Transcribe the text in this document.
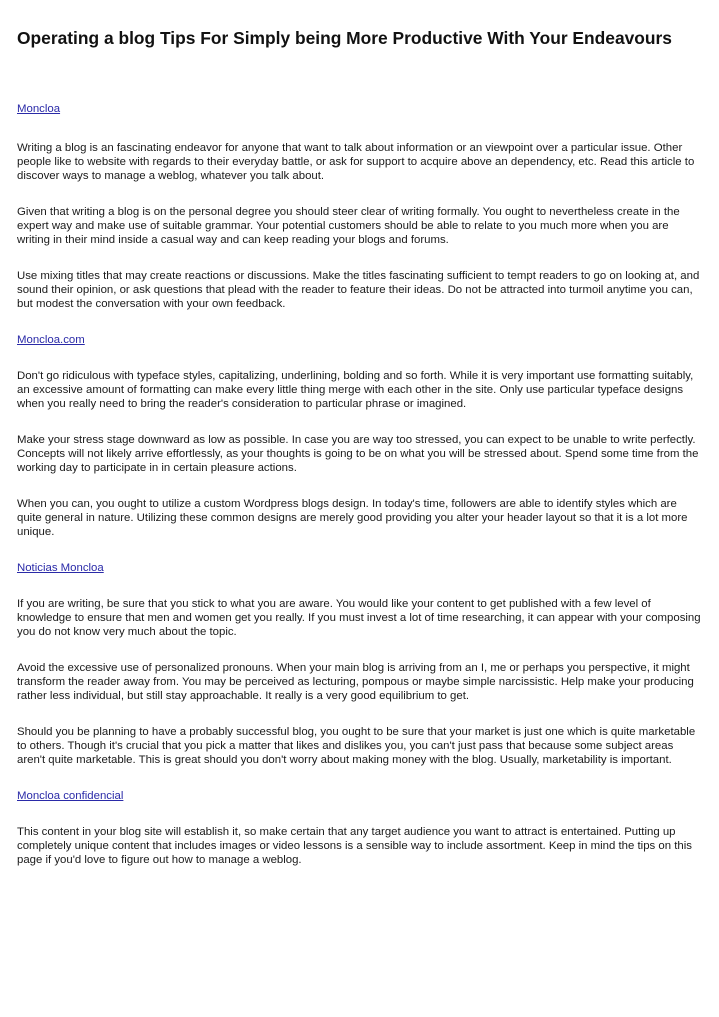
Operating a blog Tips For Simply being More Productive With Your Endeavours
Moncloa

Writing a blog is an fascinating endeavor for anyone that want to talk about information or an viewpoint over a particular issue. Other people like to website with regards to their everyday battle, or ask for support to acquire above an dependency, etc. Read this article to discover ways to manage a weblog, whatever you talk about.

Given that writing a blog is on the personal degree you should steer clear of writing formally. You ought to nevertheless create in the expert way and make use of suitable grammar. Your potential customers should be able to relate to you much more when you are writing in their mind inside a casual way and can keep reading your blogs and forums.

Use mixing titles that may create reactions or discussions. Make the titles fascinating sufficient to tempt readers to go on looking at, and sound their opinion, or ask questions that plead with the reader to feature their ideas. Do not be attracted into turmoil anytime you can, but modest the conversation with your own feedback.

Moncloa.com

Don't go ridiculous with typeface styles, capitalizing, underlining, bolding and so forth. While it is very important use formatting suitably, an excessive amount of formatting can make every little thing merge with each other in the site. Only use particular typeface designs when you really need to bring the reader's consideration to particular phrase or imagined.

Make your stress stage downward as low as possible. In case you are way too stressed, you can expect to be unable to write perfectly. Concepts will not likely arrive effortlessly, as your thoughts is going to be on what you will be stressed about. Spend some time from the working day to participate in in certain pleasure actions.

When you can, you ought to utilize a custom Wordpress blogs design. In today's time, followers are able to identify styles which are quite general in nature. Utilizing these common designs are merely good providing you alter your header layout so that it is a lot more unique.

Noticias Moncloa

If you are writing, be sure that you stick to what you are aware. You would like your content to get published with a few level of knowledge to ensure that men and women get you really. If you must invest a lot of time researching, it can appear with your composing you do not know very much about the topic.

Avoid the excessive use of personalized pronouns. When your main blog is arriving from an I, me or perhaps you perspective, it might transform the reader away from. You may be perceived as lecturing, pompous or maybe simple narcissistic. Help make your producing rather less individual, but still stay approachable. It really is a very good equilibrium to get.

Should you be planning to have a probably successful blog, you ought to be sure that your market is just one which is quite marketable to others. Though it's crucial that you pick a matter that likes and dislikes you, you can't just pass that because some subject areas aren't quite marketable. This is great should you don't worry about making money with the blog. Usually, marketability is important.

Moncloa confidencial

This content in your blog site will establish it, so make certain that any target audience you want to attract is entertained. Putting up completely unique content that includes images or video lessons is a sensible way to include assortment. Keep in mind the tips on this page if you'd love to figure out how to manage a weblog.
